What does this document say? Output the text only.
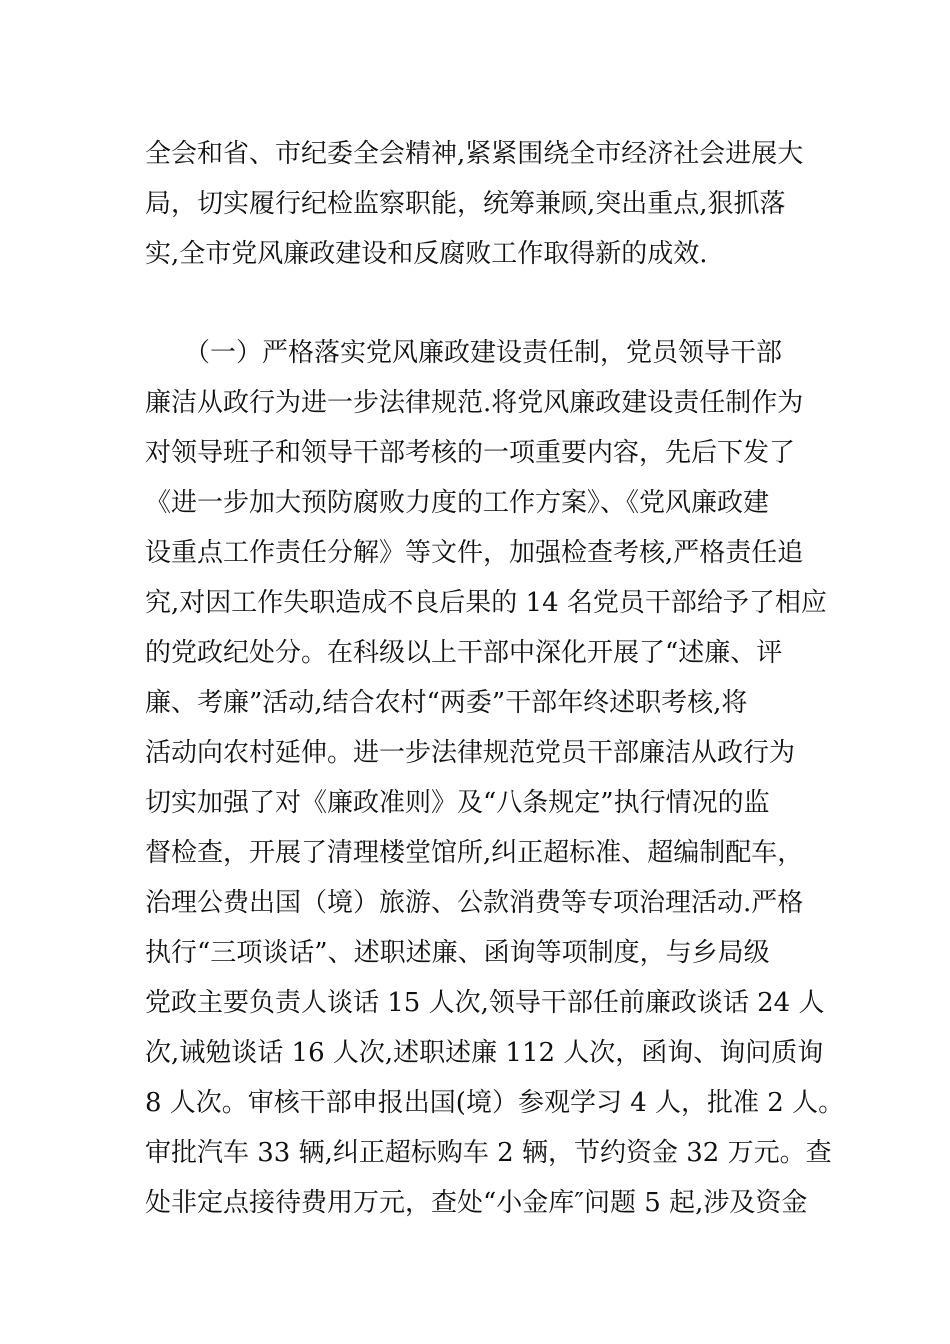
全会和省、市纪委全会精神,紧紧围绕全市经济社会进展大
局，切实履行纪检监察职能，统筹兼顾,突出重点,狠抓落
实,全市党风廉政建设和反腐败工作取得新的成效.
　　（一）严格落实党风廉政建设责任制，党员领导干部
廉洁从政行为进一步法律规范.将党风廉政建设责任制作为
对领导班子和领导干部考核的一项重要内容，先后下发了
《进一步加大预防腐败力度的工作方案》、《党风廉政建
设重点工作责任分解》等文件，加强检查考核,严格责任追
究,对因工作失职造成不良后果的 14 名党员干部给予了相应
的党政纪处分。在科级以上干部中深化开展了“述廉、评
廉、考廉”活动,结合农村“两委”干部年终述职考核,将
活动向农村延伸。进一步法律规范党员干部廉洁从政行为
切实加强了对《廉政准则》及“八条规定”执行情况的监
督检查，开展了清理楼堂馆所,纠正超标准、超编制配车，
治理公费出国（境）旅游、公款消费等专项治理活动.严格
执行“三项谈话”、述职述廉、函询等项制度，与乡局级
党政主要负责人谈话 15 人次,领导干部任前廉政谈话 24 人
次,诫勉谈话 16 人次,述职述廉 112 人次，函询、询问质询
8 人次。审核干部申报出国(境）参观学习 4 人，批准 2 人。
审批汽车 33 辆,纠正超标购车 2 辆，节约资金 32 万元。查
处非定点接待费用万元，查处“小金库″问题 5 起,涉及资金
